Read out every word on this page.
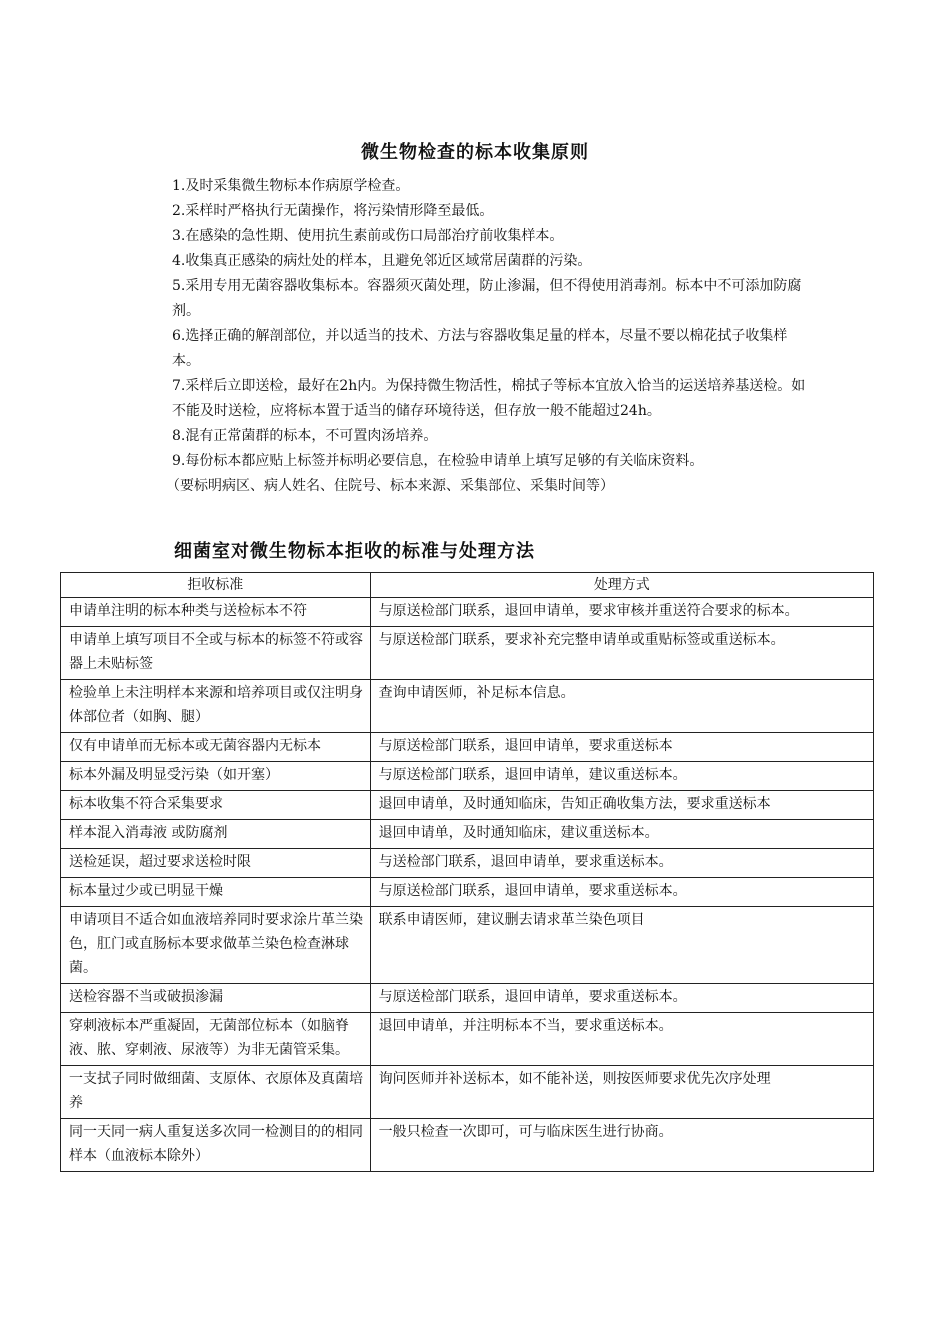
微生物检查的标本收集原则

1.及时采集微生物标本作病原学检查。

2.采样时严格执行无菌操作，将污染情形降至最低。

3.在感染的急性期、使用抗生素前或伤口局部治疗前收集样本。

4.收集真正感染的病灶处的样本，且避免邻近区域常居菌群的污染。

5.采用专用无菌容器收集标本。容器须灭菌处理，防止渗漏，但不得使用消毒剂。标本中不可添加防腐剂。

6.选择正确的解剖部位，并以适当的技术、方法与容器收集足量的样本，尽量不要以棉花拭子收集样本。

7.采样后立即送检，最好在2h内。为保持微生物活性，棉拭子等标本宜放入恰当的运送培养基送检。如不能及时送检，应将标本置于适当的储存环境待送，但存放一般不能超过24h。

8.混有正常菌群的标本，不可置肉汤培养。

9.每份标本都应贴上标签并标明必要信息，在检验申请单上填写足够的有关临床资料。

（要标明病区、病人姓名、住院号、标本来源、采集部位、采集时间等）

细菌室对微生物标本拒收的标准与处理方法
拒收标准	处理方式
申请单注明的标本种类与送检标本不符	与原送检部门联系，退回申请单，要求审核并重送符合要求的标本。
申请单上填写项目不全或与标本的标签不符或容器上未贴标签	与原送检部门联系，要求补充完整申请单或重贴标签或重送标本。
检验单上未注明样本来源和培养项目或仅注明身体部位者（如胸、腿）	查询申请医师，补足标本信息。
仅有申请单而无标本或无菌容器内无标本	与原送检部门联系，退回申请单，要求重送标本
标本外漏及明显受污染（如开塞）	与原送检部门联系，退回申请单，建议重送标本。
标本收集不符合采集要求	退回申请单，及时通知临床，告知正确收集方法，要求重送标本
样本混入消毒液 或防腐剂	退回申请单，及时通知临床，建议重送标本。
送检延误，超过要求送检时限	与送检部门联系，退回申请单，要求重送标本。
标本量过少或已明显干燥	与原送检部门联系，退回申请单，要求重送标本。
申请项目不适合如血液培养同时要求涂片革兰染色，肛门或直肠标本要求做革兰染色检查淋球菌。	联系申请医师，建议删去请求革兰染色项目
送检容器不当或破损渗漏	与原送检部门联系，退回申请单，要求重送标本。
穿刺液标本严重凝固，无菌部位标本（如脑脊液、脓、穿刺液、尿液等）为非无菌管采集。	退回申请单，并注明标本不当，要求重送标本。
一支拭子同时做细菌、支原体、衣原体及真菌培养	询问医师并补送标本，如不能补送，则按医师要求优先次序处理
同一天同一病人重复送多次同一检测目的的相同样本（血液标本除外）	一般只检查一次即可，可与临床医生进行协商。
